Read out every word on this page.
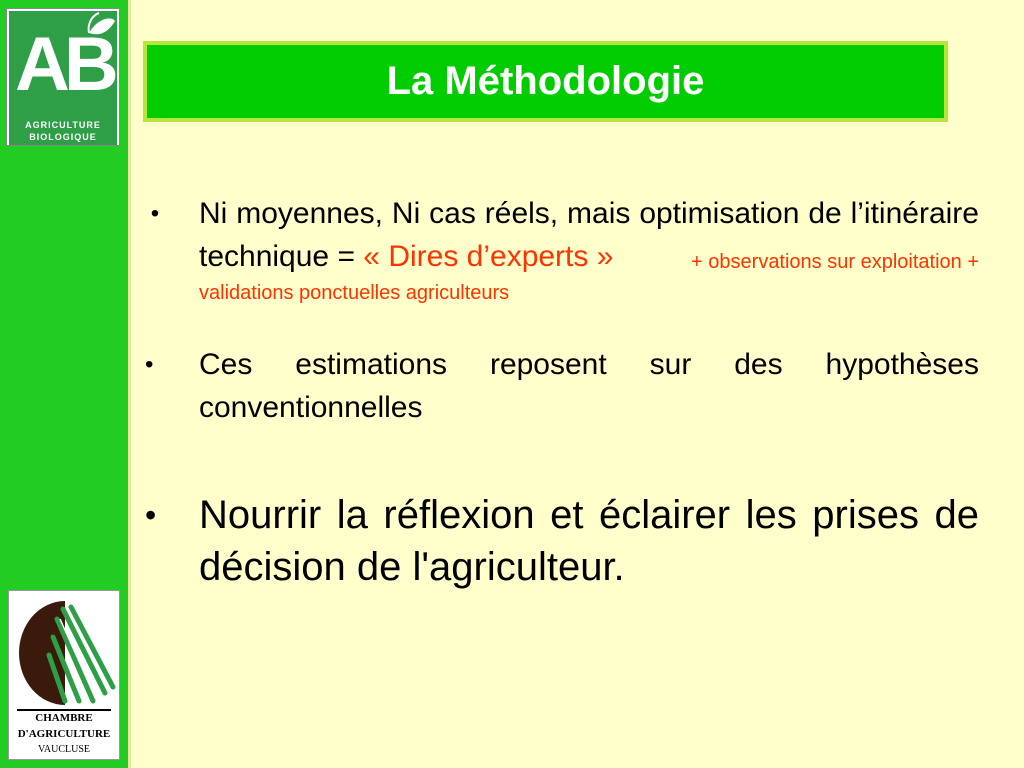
AB
AGRICULTURE
BIOLOGIQUE
CHAMBRE
D'AGRICULTURE
VAUCLUSE
La Méthodologie
• Ni moyennes, Ni cas réels, mais optimisation de l’itinéraire technique = « Dires d’experts »	+ observations sur exploitation +
validations ponctuelles agriculteurs
•	Ces estimations reposent sur des hypothèses conventionnelles
• Nourrir la réflexion et éclairer les prises de décision de l'agriculteur.
